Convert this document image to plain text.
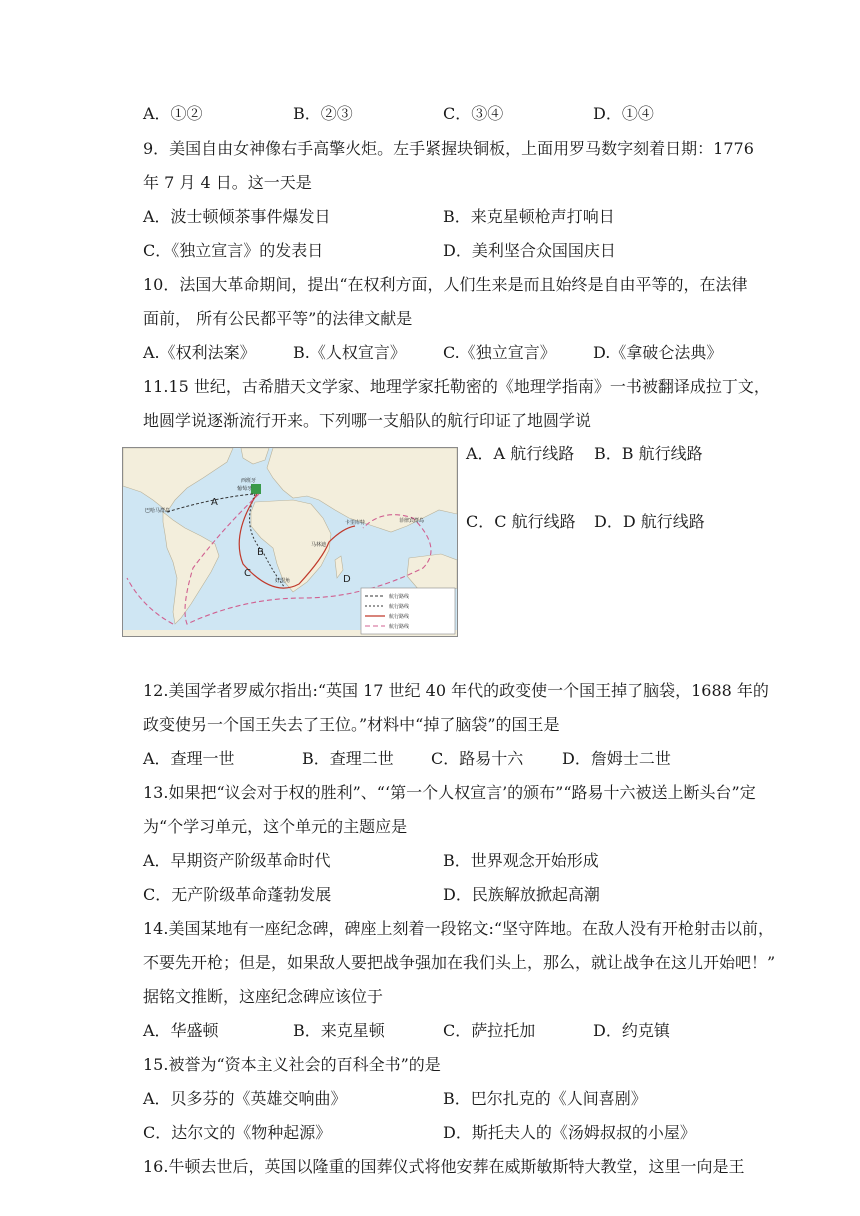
A．①②	B．②③	C．③④	D．①④
9．美国自由女神像右手高擎火炬。左手紧握块铜板，上面用罗马数字刻着日期：1776
年 7 月 4 日。这一天是
A．波士顿倾茶事件爆发日	B．来克星顿枪声打响日
C．《独立宣言》的发表日	D．美利坚合众国国庆日
10．法国大革命期间，提出“在权利方面，人们生来是而且始终是自由平等的，在法律
面前， 所有公民都平等”的法律文献是
A.《权利法案》 B.《人权宣言》 C.《独立宣言》 D.《拿破仑法典》
11.15 世纪，古希腊天文学家、地理学家托勒密的《地理学指南》一书被翻译成拉丁文，
地圆学说逐渐流行开来。下列哪一支船队的航行印证了地圆学说
A．A 航行线路 B．B 航行线路
C．C 航行线路 D．D 航行线路
A
B
C
D
西班牙
葡萄牙
巴哈马群岛
马林迪
卡里库特
好望角
菲律宾群岛
航行路线
航行路线
航行路线
航行路线
12.美国学者罗威尔指出:“英国 17 世纪 40 年代的政变使一个国王掉了脑袋，1688 年的
政变使另一个国王失去了王位。”材料中“掉了脑袋”的国王是
A．查理一世	B．查理二世 C．路易十六 D．詹姆士二世
13.如果把“议会对于权的胜利”、“‘第一个人权宣言’的颁布”“路易十六被送上断头台”定
为“个学习单元，这个单元的主题应是
A．早期资产阶级革命时代	B．世界观念开始形成
C．无产阶级革命蓬勃发展	D．民族解放掀起高潮
14.美国某地有一座纪念碑，碑座上刻着一段铭文:“坚守阵地。在敌人没有开枪射击以前，
不要先开枪；但是，如果敌人要把战争强加在我们头上，那么，就让战争在这儿开始吧！”
据铭文推断，这座纪念碑应该位于
A．华盛顿	B．来克星顿	C．萨拉托加	D．约克镇
15.被誉为“资本主义社会的百科全书”的是
A．贝多芬的《英雄交响曲》	B．巴尔扎克的《人间喜剧》
C．达尔文的《物种起源》	D．斯托夫人的《汤姆叔叔的小屋》
16.牛顿去世后，英国以隆重的国葬仪式将他安葬在威斯敏斯特大教堂，这里一向是王
